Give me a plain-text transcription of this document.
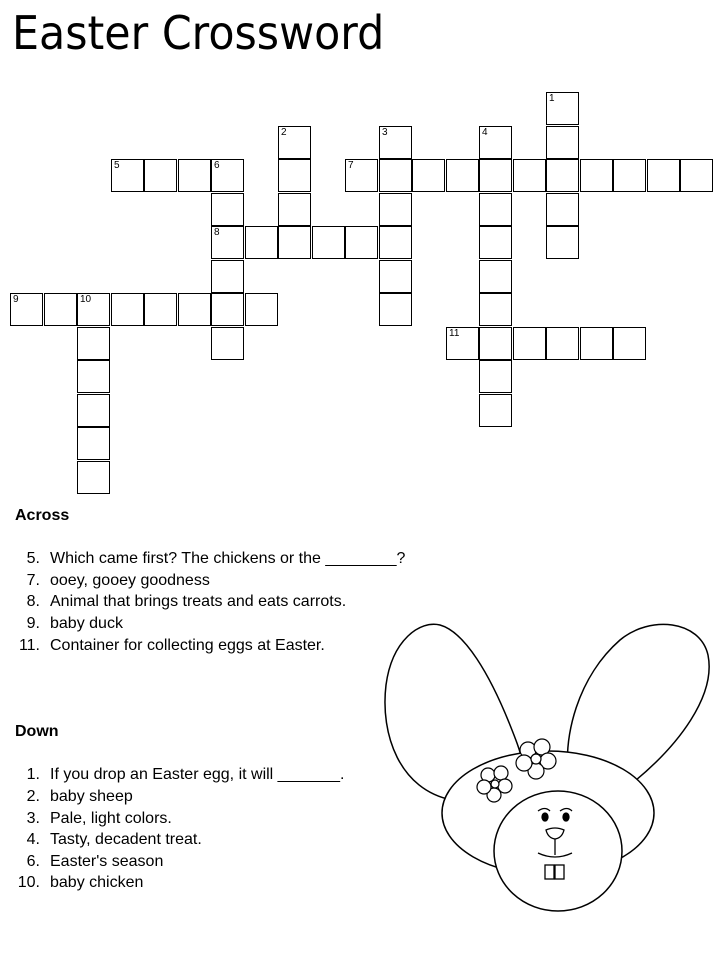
Easter Crossword
1
2	3	4
5	6
8
7
9	10
11
Across
5. Which came first? The chickens or the ________?
7. ooey, gooey goodness
8. Animal that brings treats and eats carrots.
9. baby duck
11. Container for collecting eggs at Easter.
Down
1. If you drop an Easter egg, it will _______.
2. baby sheep
3. Pale, light colors.
4. Tasty, decadent treat.
6. Easter's season
10. baby chicken
